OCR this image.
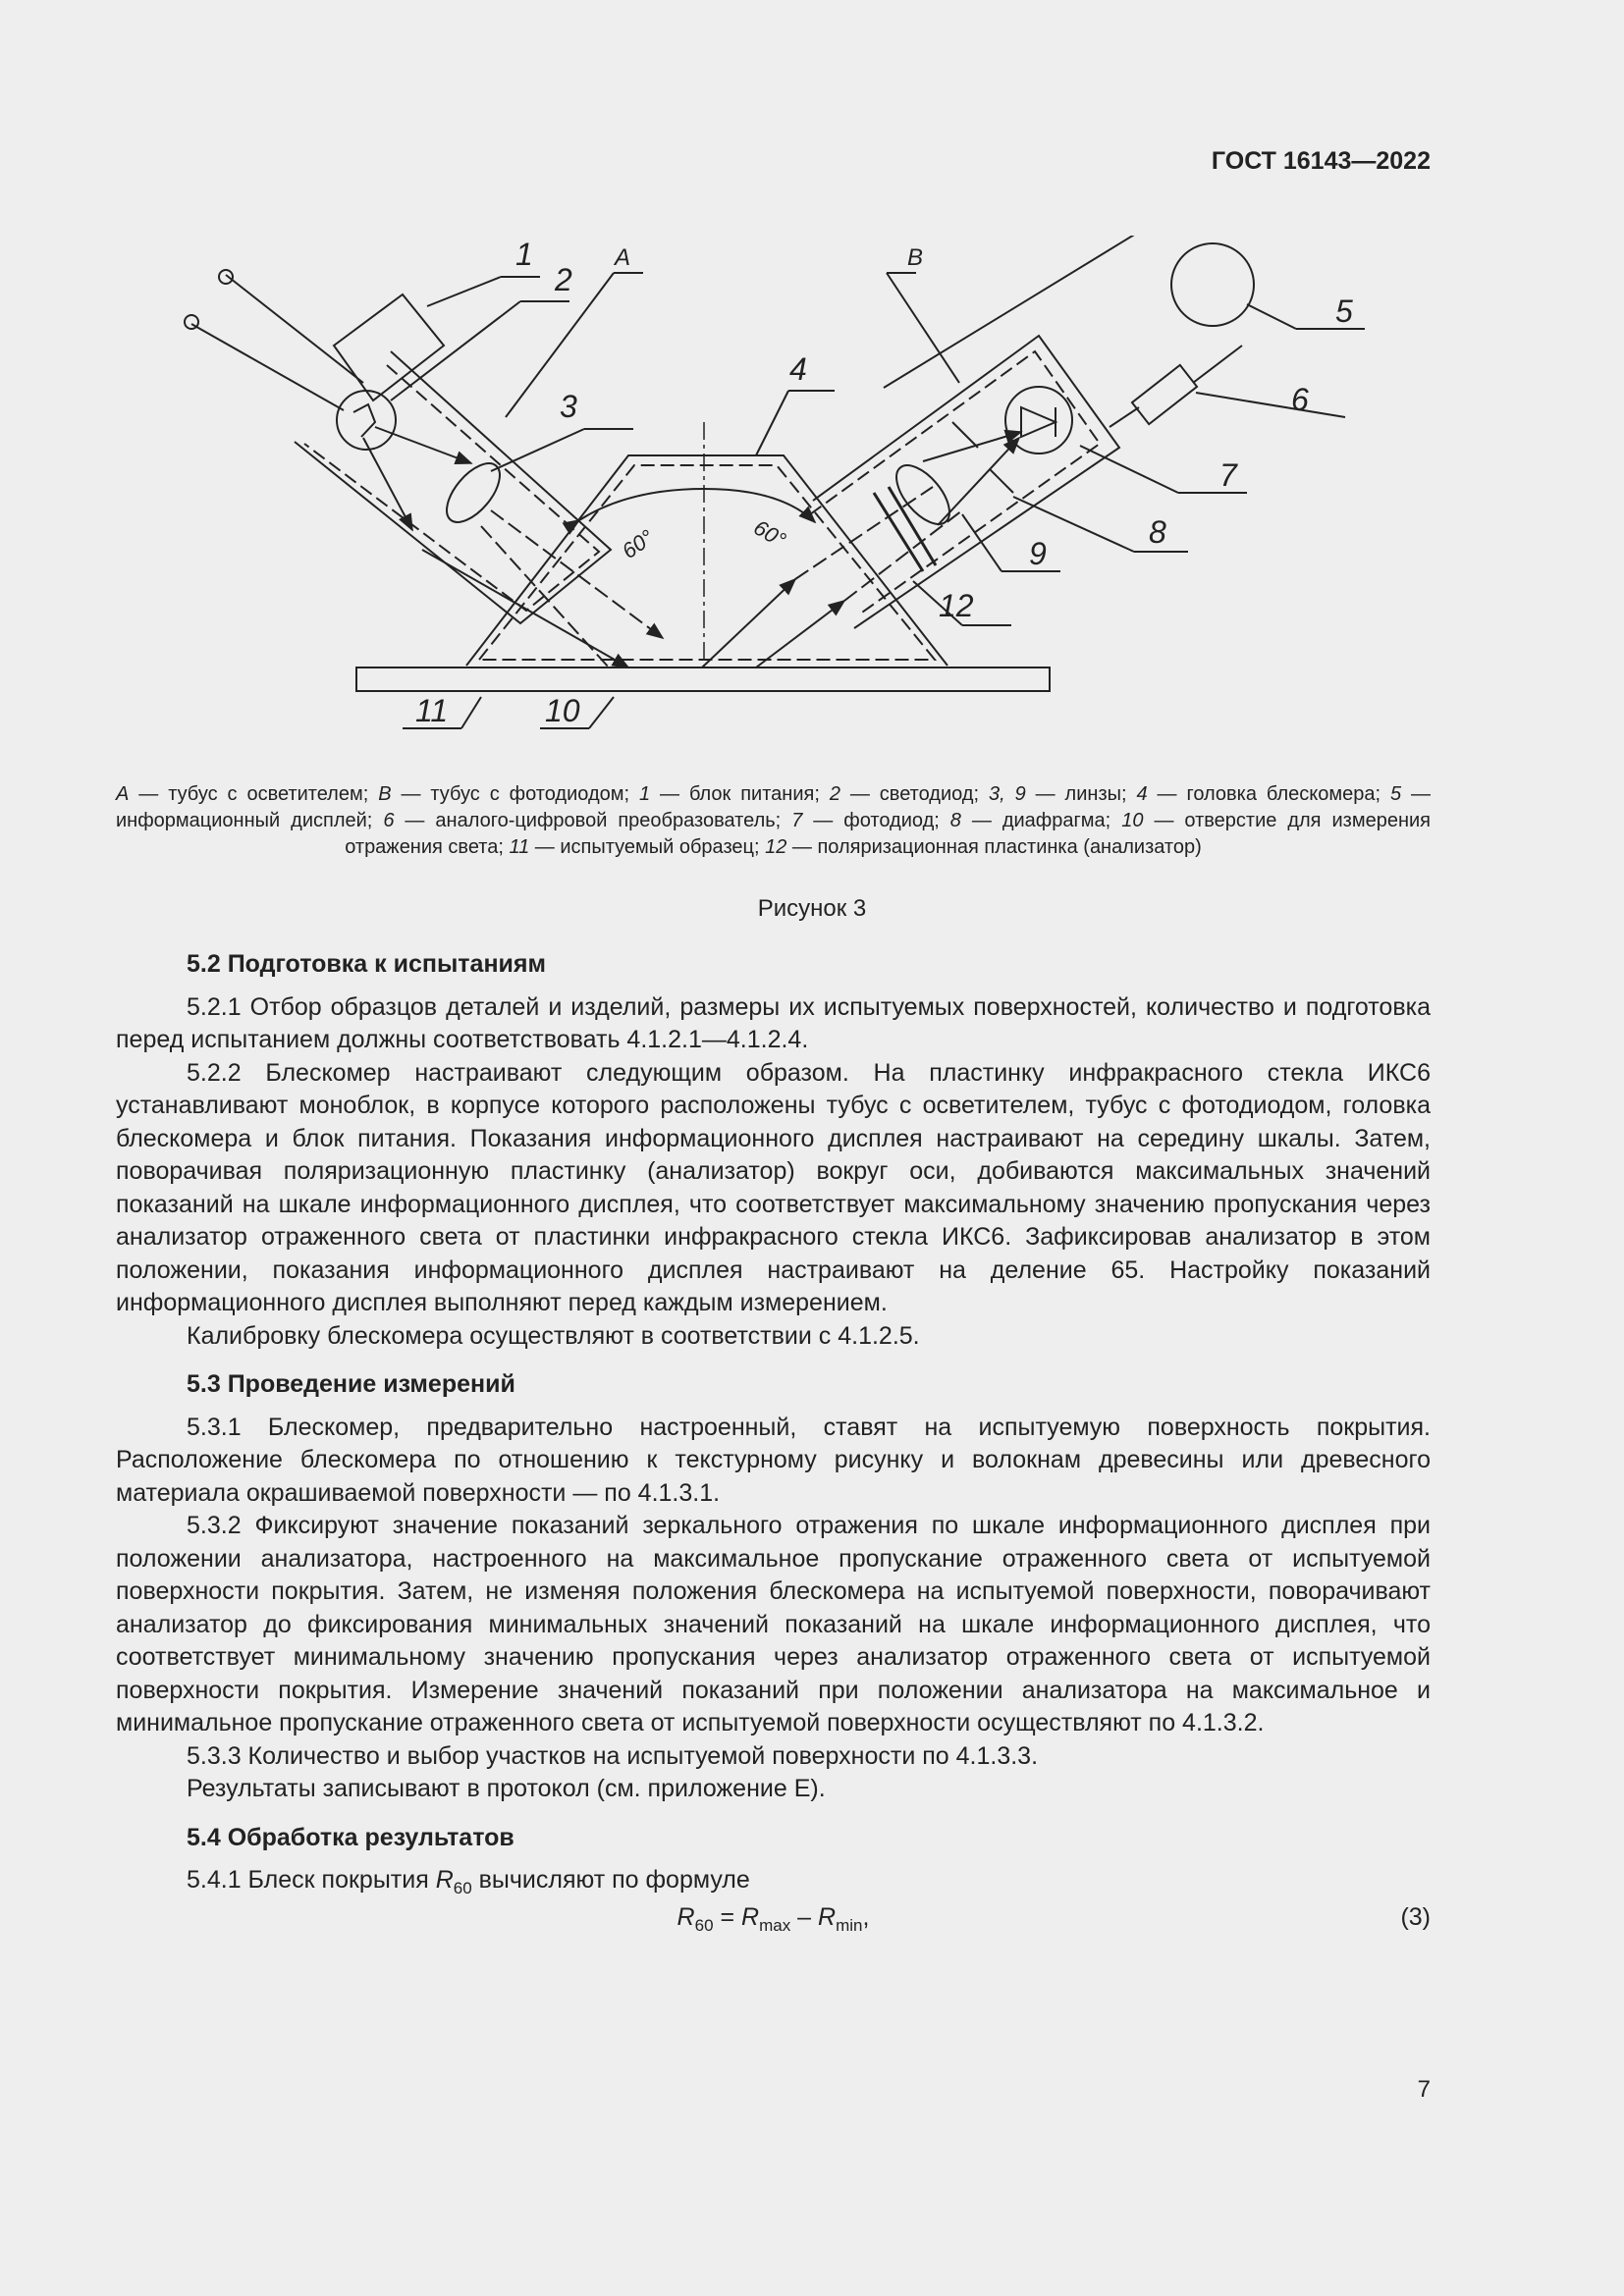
ГОСТ 16143—2022
1
2
3
4
5
6
7
8
9
10
11
12
A	B
60°	60°
A — тубус с осветителем; B — тубус с фотодиодом; 1 — блок питания; 2 — светодиод; 3, 9 — линзы; 4 — головка блескомера; 5 — информационный дисплей; 6 — аналого-цифровой преобразователь; 7 — фотодиод; 8 — диафрагма; 10 — отверстие для измерения отражения света; 11 — испытуемый образец; 12 — поляризационная пластинка (анализатор)
Рисунок 3
5.2 Подготовка к испытаниям

5.2.1 Отбор образцов деталей и изделий, размеры их испытуемых поверхностей, количество и подготовка перед испытанием должны соответствовать 4.1.2.1—4.1.2.4.

5.2.2 Блескомер настраивают следующим образом. На пластинку инфракрасного стекла ИКС6 устанавливают моноблок, в корпусе которого расположены тубус с осветителем, тубус с фотодиодом, головка блескомера и блок питания. Показания информационного дисплея настраивают на середину шкалы. Затем, поворачивая поляризационную пластинку (анализатор) вокруг оси, добиваются максимальных значений показаний на шкале информационного дисплея, что соответствует максимальному значению пропускания через анализатор отраженного света от пластинки инфракрасного стекла ИКС6. Зафиксировав анализатор в этом положении, показания информационного дисплея настраивают на деление 65. Настройку показаний информационного дисплея выполняют перед каждым измерением.

Калибровку блескомера осуществляют в соответствии с 4.1.2.5.

5.3 Проведение измерений

5.3.1 Блескомер, предварительно настроенный, ставят на испытуемую поверхность покрытия. Расположение блескомера по отношению к текстурному рисунку и волокнам древесины или древесного материала окрашиваемой поверхности — по 4.1.3.1.

5.3.2 Фиксируют значение показаний зеркального отражения по шкале информационного дисплея при положении анализатора, настроенного на максимальное пропускание отраженного света от испытуемой поверхности покрытия. Затем, не изменяя положения блескомера на испытуемой поверхности, поворачивают анализатор до фиксирования минимальных значений показаний на шкале информационного дисплея, что соответствует минимальному значению пропускания через анализатор отраженного света от испытуемой поверхности покрытия. Измерение значений показаний при положении анализатора на максимальное и минимальное пропускание отраженного света от испытуемой поверхности осуществляют по 4.1.3.2.

5.3.3 Количество и выбор участков на испытуемой поверхности по 4.1.3.3.

Результаты записывают в протокол (см. приложение Е).

5.4 Обработка результатов

5.4.1 Блеск покрытия $R_{60}$ вычисляют по формуле

$R_{60} = R_{max} - R_{min}$,	(3)
7
